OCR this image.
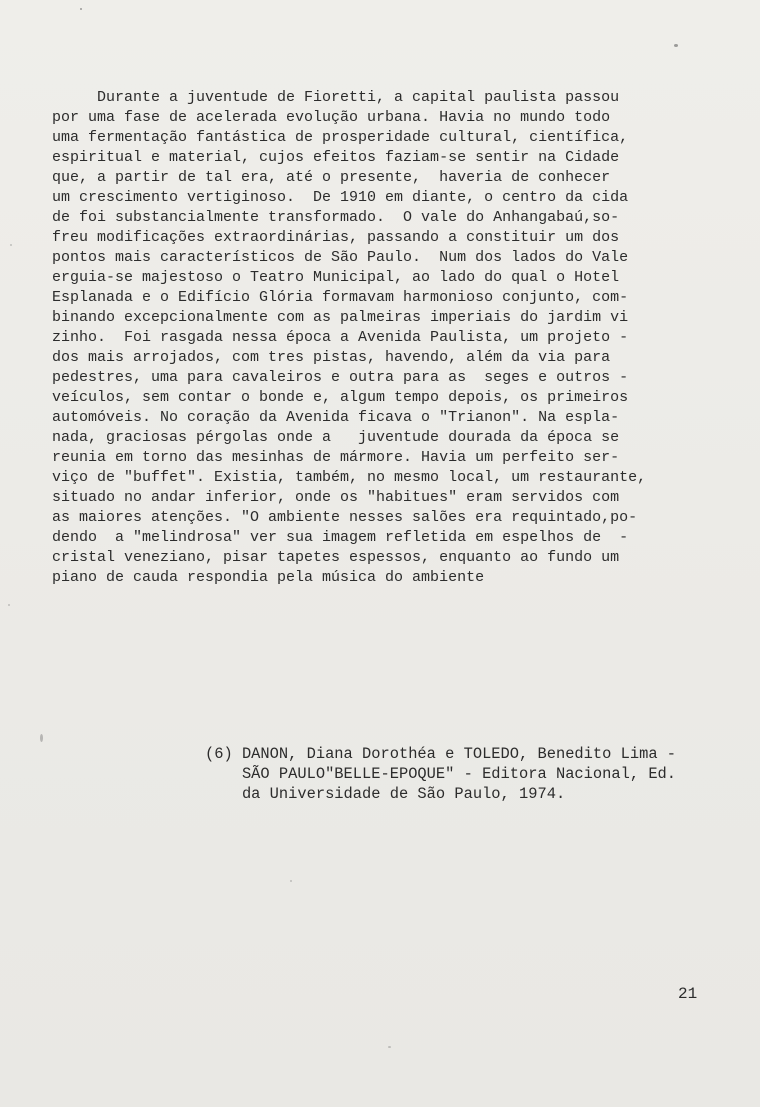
Durante a juventude de Fioretti, a capital paulista passou
por uma fase de acelerada evolução urbana. Havia no mundo todo
uma fermentação fantástica de prosperidade cultural, científica,
espiritual e material, cujos efeitos faziam-se sentir na Cidade
que, a partir de tal era, até o presente,  haveria de conhecer
um crescimento vertiginoso.  De 1910 em diante, o centro da cida
de foi substancialmente transformado.  O vale do Anhangabaú,so-
freu modificações extraordinárias, passando a constituir um dos
pontos mais característicos de São Paulo.  Num dos lados do Vale
erguia-se majestoso o Teatro Municipal, ao lado do qual o Hotel
Esplanada e o Edifício Glória formavam harmonioso conjunto, com-
binando excepcionalmente com as palmeiras imperiais do jardim vi
zinho.  Foi rasgada nessa época a Avenida Paulista, um projeto -
dos mais arrojados, com tres pistas, havendo, além da via para
pedestres, uma para cavaleiros e outra para as  seges e outros -
veículos, sem contar o bonde e, algum tempo depois, os primeiros
automóveis. No coração da Avenida ficava o "Trianon". Na espla-
nada, graciosas pérgolas onde a   juventude dourada da época se
reunia em torno das mesinhas de mármore. Havia um perfeito ser-
viço de "buffet". Existia, também, no mesmo local, um restaurante,
situado no andar inferior, onde os "habitues" eram servidos com
as maiores atenções. "O ambiente nesses salões era requintado,po-
dendo  a "melindrosa" ver sua imagem refletida em espelhos de  -
cristal veneziano, pisar tapetes espessos, enquanto ao fundo um
piano de cauda respondia pela música do ambiente
(6) DANON, Diana Dorothéa e TOLEDO, Benedito Lima -
SÃO PAULO"BELLE-EPOQUE" - Editora Nacional, Ed.
da Universidade de São Paulo, 1974.
21
